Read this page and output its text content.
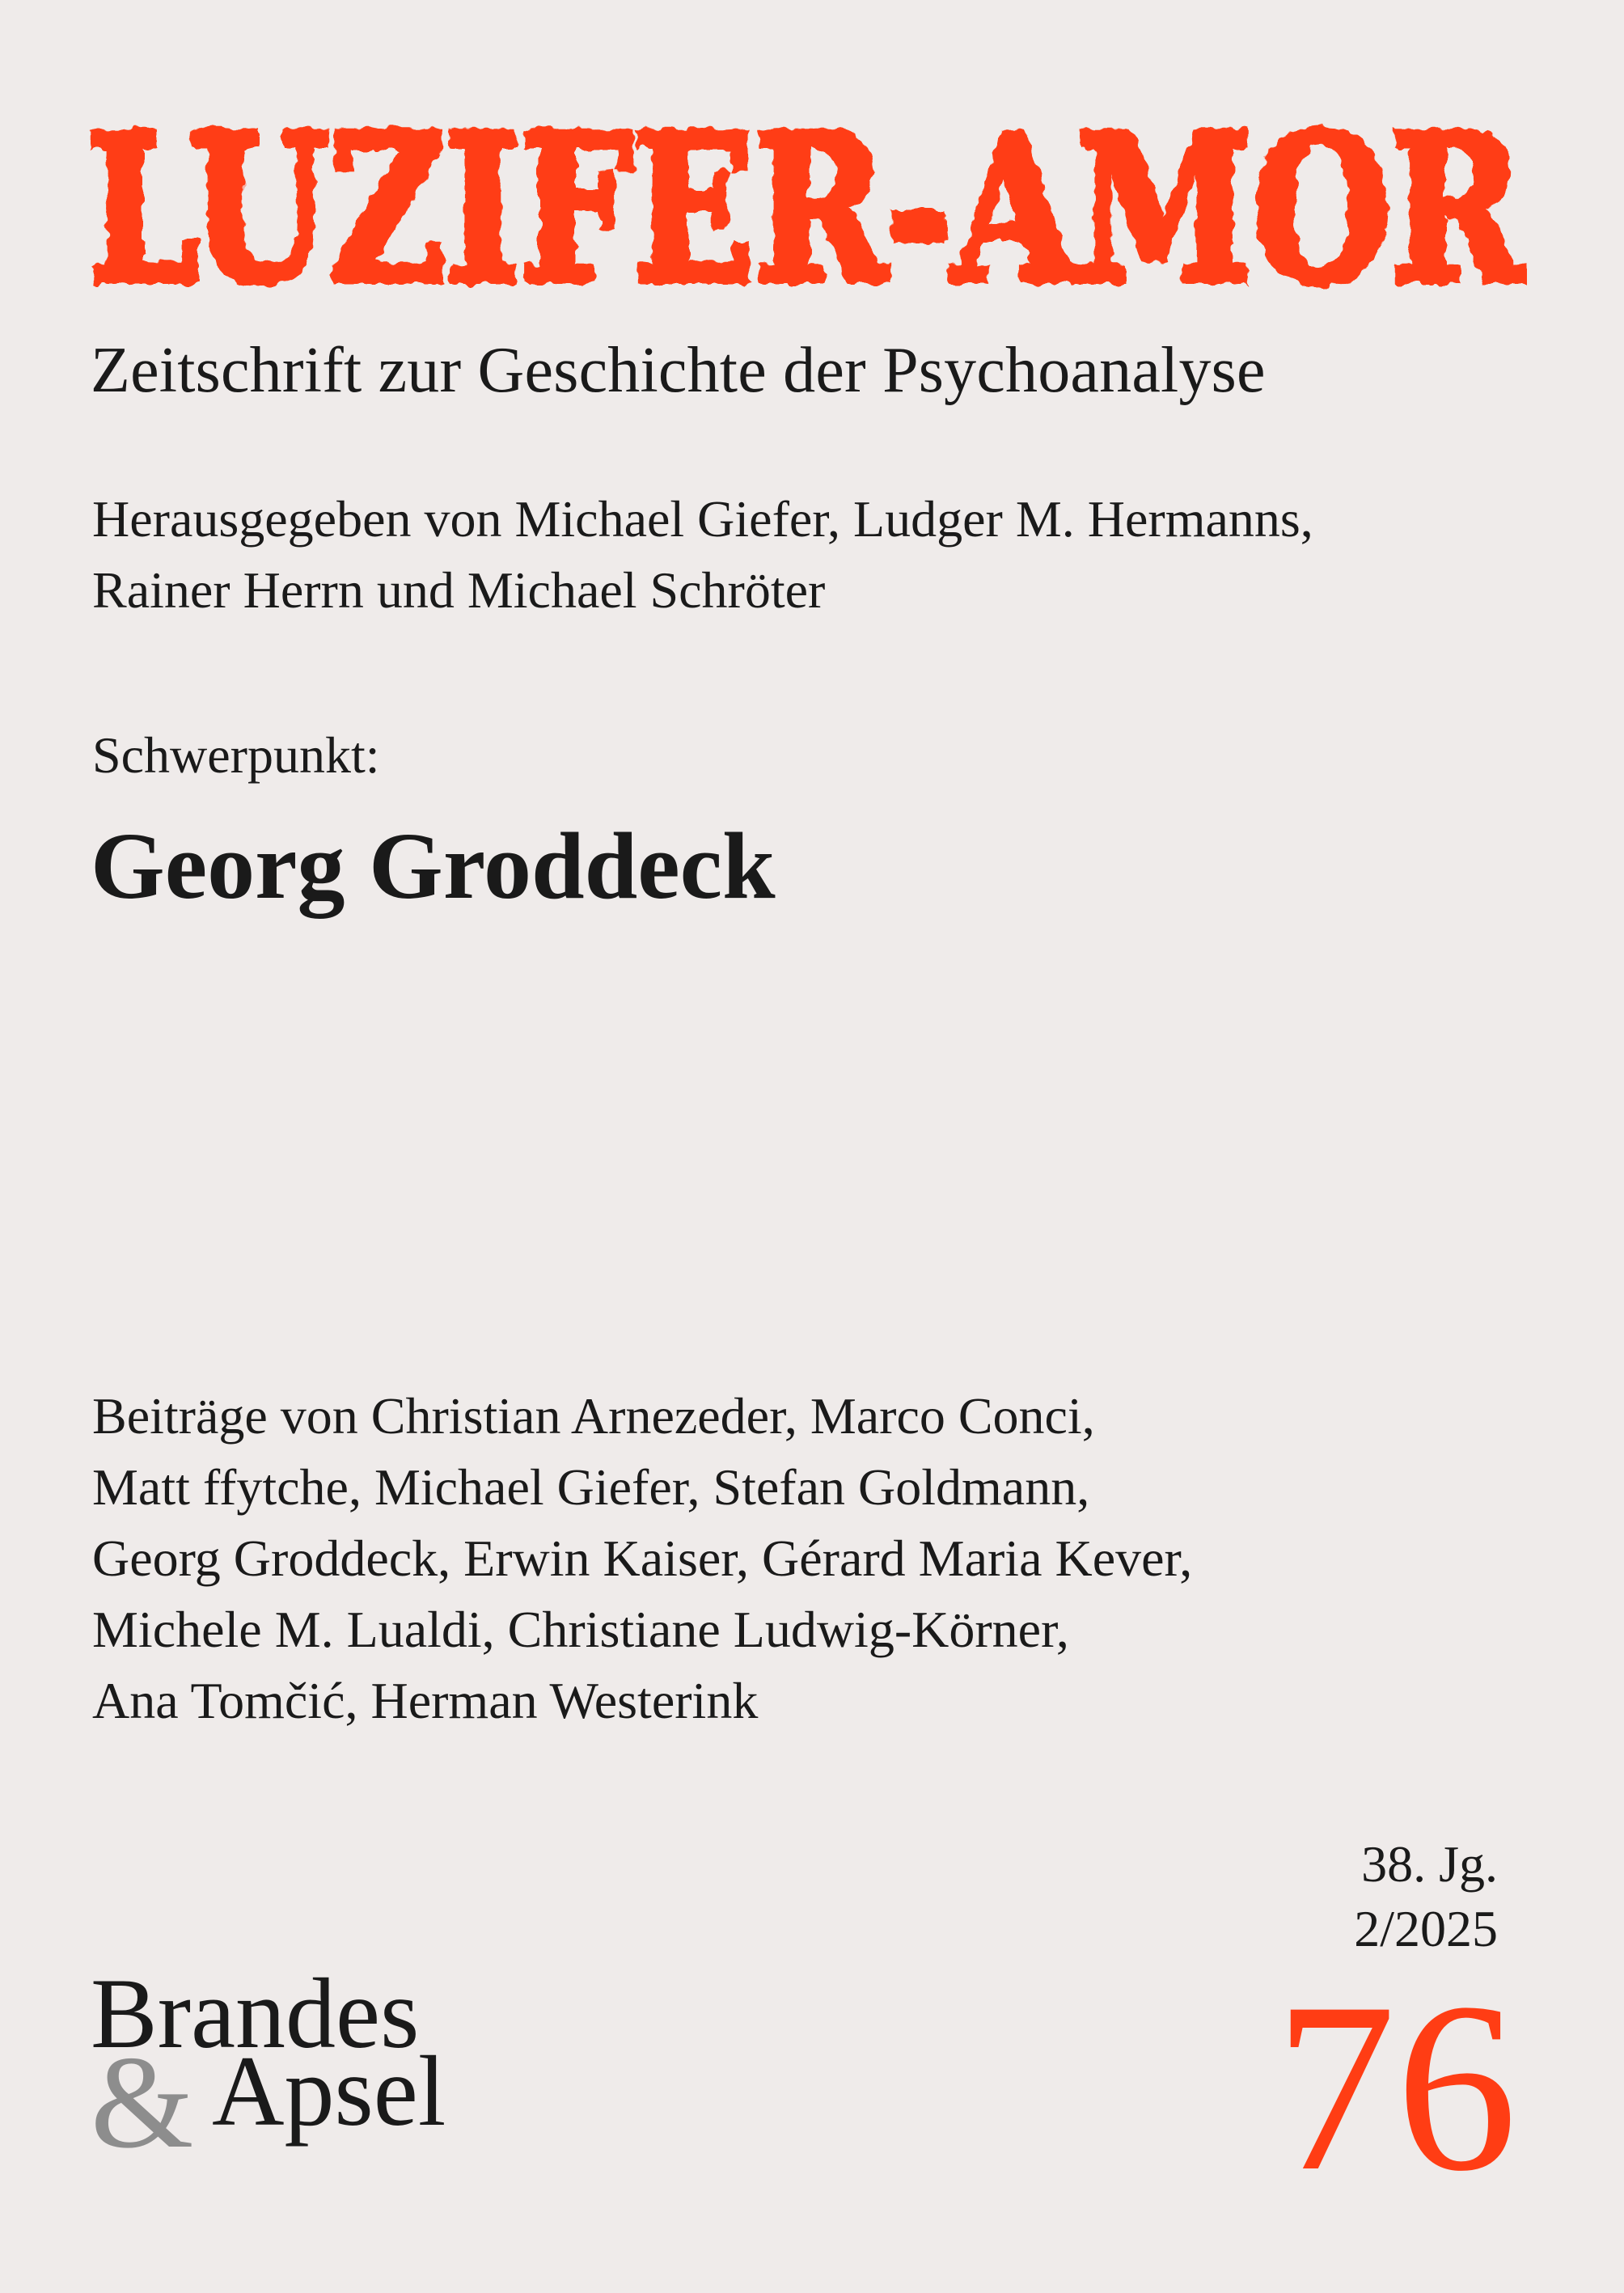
LUZIFER-AMOR
Zeitschrift zur Geschichte der Psychoanalyse
Herausgegeben von Michael Giefer, Ludger M. Hermanns,
Rainer Herrn und Michael Schröter
Schwerpunkt:
Georg Groddeck
Beiträge von Christian Arnezeder, Marco Conci,
Matt ffytche, Michael Giefer, Stefan Goldmann,
Georg Groddeck, Erwin Kaiser, Gérard Maria Kever,
Michele M. Lualdi, Christiane Ludwig-Körner,
Ana Tomčić, Herman Westerink
38. Jg.
2/2025
76
&
Brandes
Apsel
